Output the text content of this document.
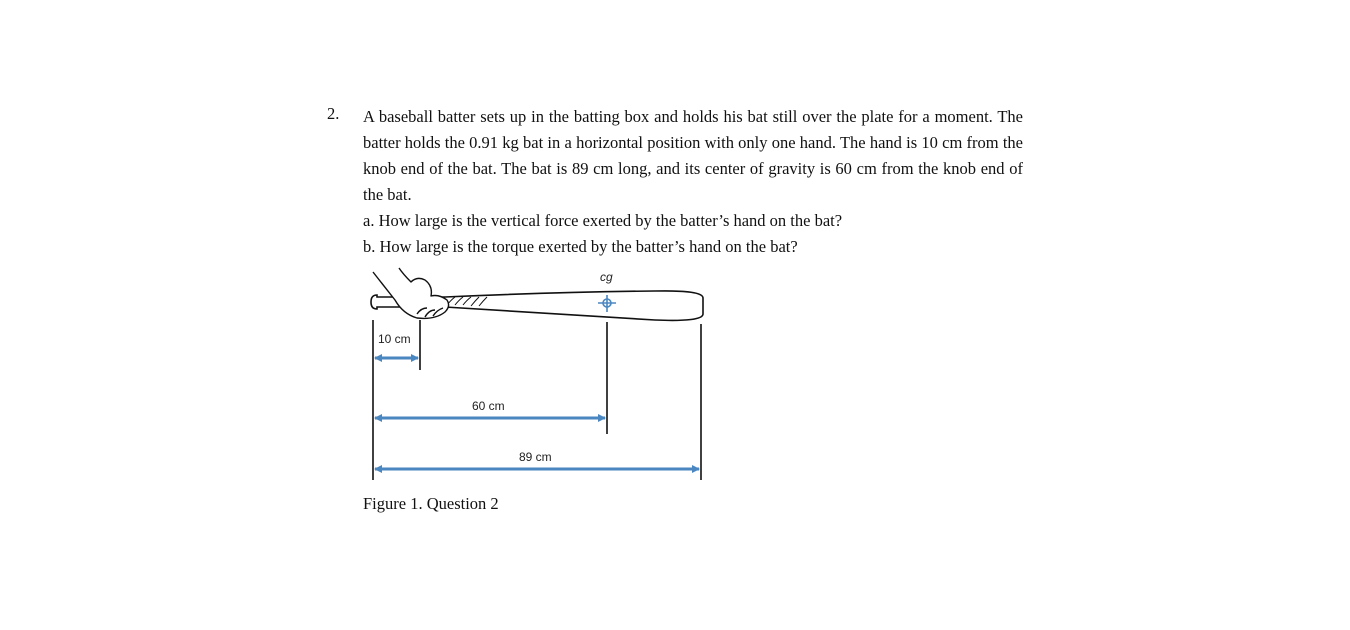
2. A baseball batter sets up in the batting box and holds his bat still over the plate for a moment. The batter holds the 0.91 kg bat in a horizontal position with only one hand. The hand is 10 cm from the knob end of the bat. The bat is 89 cm long, and its center of gravity is 60 cm from the knob end of the bat.

a. How large is the vertical force exerted by the batter’s hand on the bat?

b. How large is the torque exerted by the batter’s hand on the bat?

cg
10 cm
60 cm
89 cm
Figure 1. Question 2
